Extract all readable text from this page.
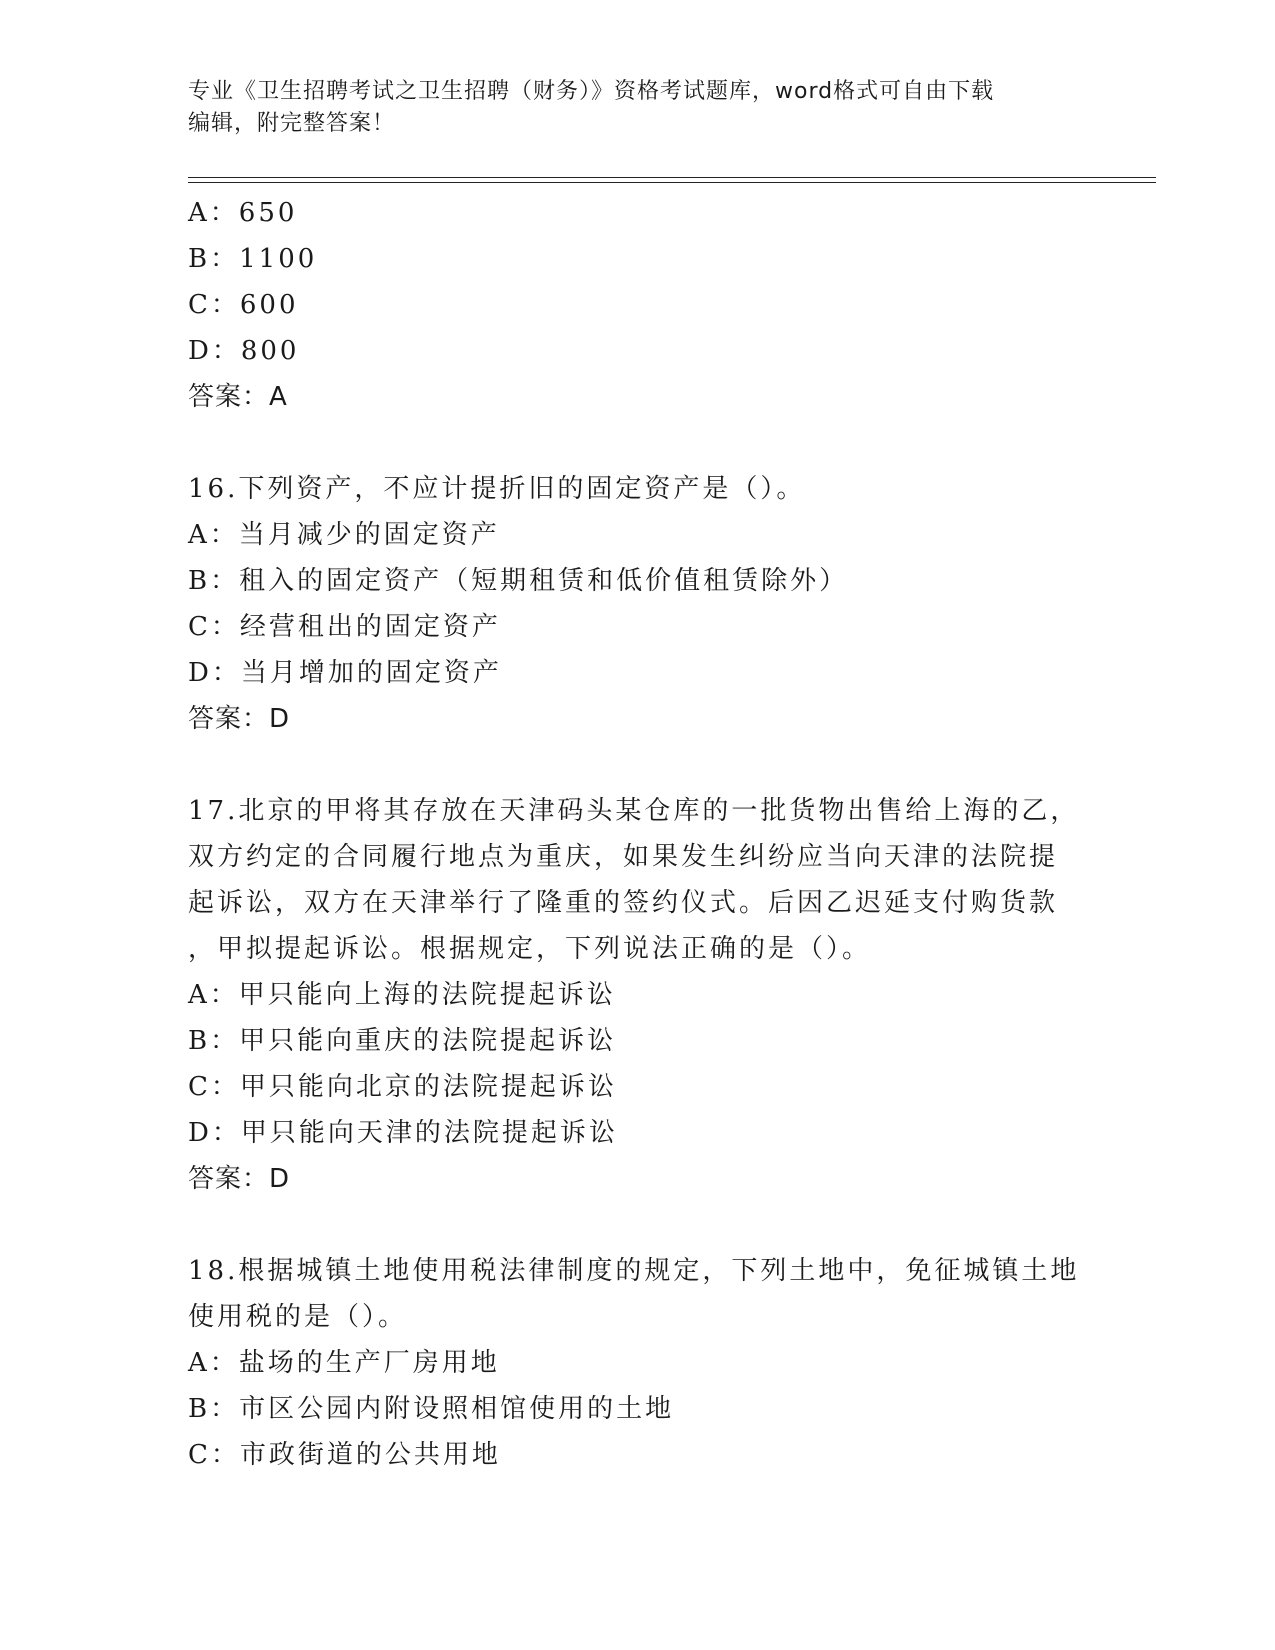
专业《卫生招聘考试之卫生招聘（财务）》资格考试题库，word格式可自由下载
编辑，附完整答案！
A：650
B：1100
C：600
D：800
答案：A
16.下列资产，不应计提折旧的固定资产是（）。
A：当月减少的固定资产
B：租入的固定资产（短期租赁和低价值租赁除外）
C：经营租出的固定资产
D：当月增加的固定资产
答案：D
17.北京的甲将其存放在天津码头某仓库的一批货物出售给上海的乙，
双方约定的合同履行地点为重庆，如果发生纠纷应当向天津的法院提
起诉讼，双方在天津举行了隆重的签约仪式。后因乙迟延支付购货款
，甲拟提起诉讼。根据规定，下列说法正确的是（）。
A：甲只能向上海的法院提起诉讼
B：甲只能向重庆的法院提起诉讼
C：甲只能向北京的法院提起诉讼
D：甲只能向天津的法院提起诉讼
答案：D
18.根据城镇土地使用税法律制度的规定，下列土地中，免征城镇土地
使用税的是（）。
A：盐场的生产厂房用地
B：市区公园内附设照相馆使用的土地
C：市政街道的公共用地
